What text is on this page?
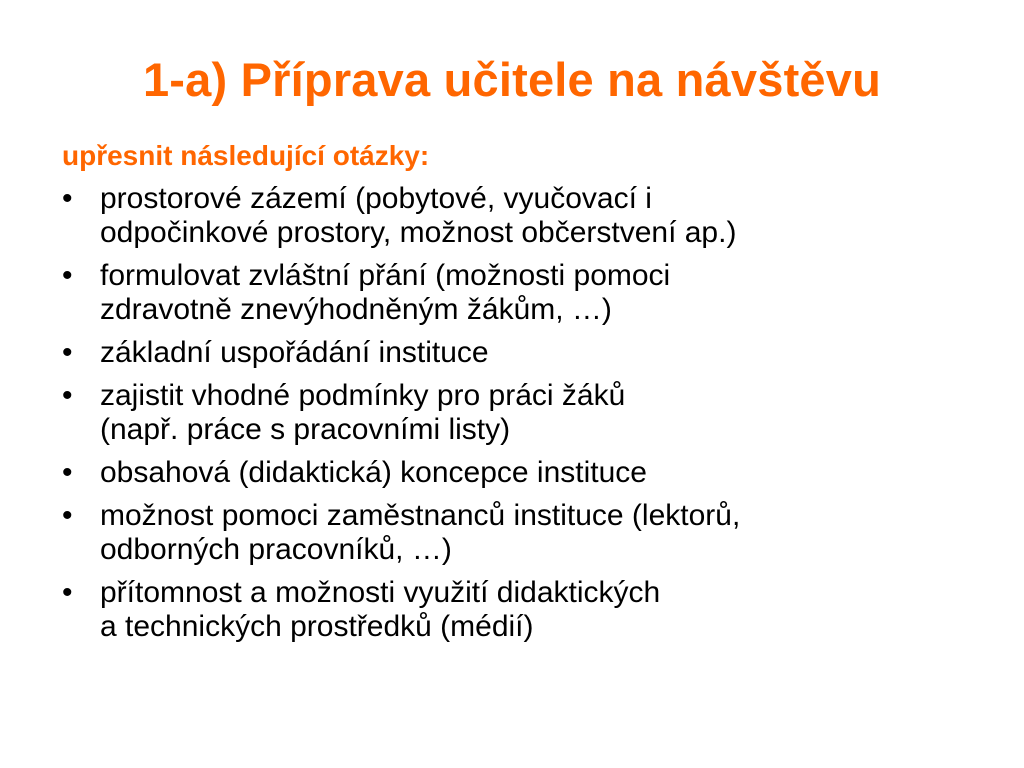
1-a) Příprava učitele na návštěvu

upřesnit následující otázky:

• prostorové zázemí (pobytové, vyučovací i
odpočinkové prostory, možnost občerstvení ap.)
• formulovat zvláštní přání (možnosti pomoci
zdravotně znevýhodněným žákům, …)
• základní uspořádání instituce
• zajistit vhodné podmínky pro práci žáků
(např. práce s pracovními listy)
• obsahová (didaktická) koncepce instituce
• možnost pomoci zaměstnanců instituce (lektorů,
odborných pracovníků, …)
• přítomnost a možnosti využití didaktických
a technických prostředků (médií)
